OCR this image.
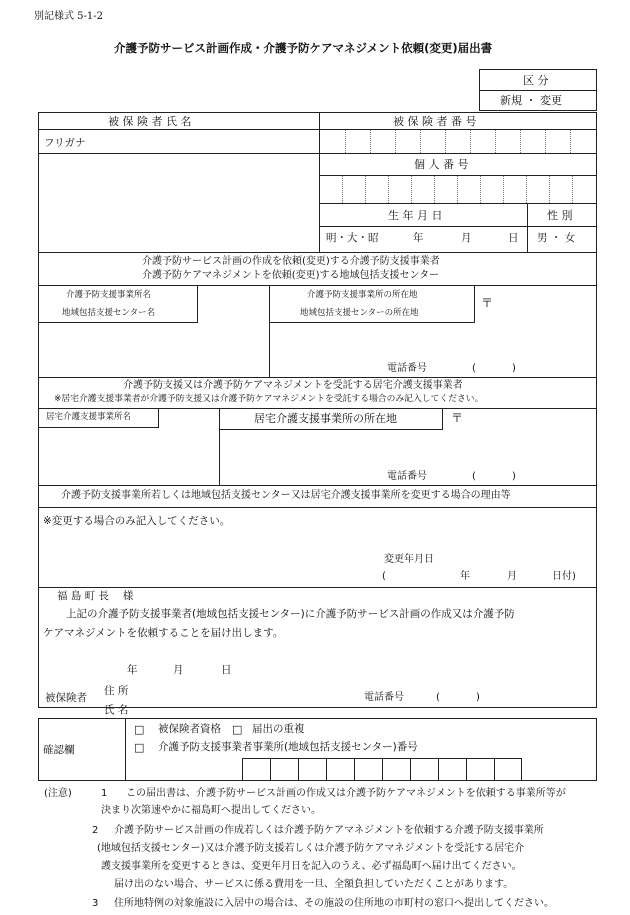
別記様式 5-1-2
介護予防サービス計画作成・介護予防ケアマネジメント依頼(変更)届出書
区 分
新規 ・ 変更
被 保 険 者 氏 名	被 保 険 者 番 号
フリガナ
個 人 番 号
生 年 月 日	性 別
明・大・昭	年	月	日 男 ・ 女
介護予防サービス計画の作成を依頼(変更)する介護予防支援事業者
介護予防ケアマネジメントを依頼(変更)する地域包括支援センター
介護予防支援事業所名
地域包括支援センター名
介護予防支援事業所の所在地
地域包括支援センターの所在地
〒
電話番号	(	)
介護予防支援又は介護予防ケアマネジメントを受託する居宅介護支援事業者
※居宅介護支援事業者が介護予防支援又は介護予防ケアマネジメントを受託する場合のみ記入してください。
居宅介護支援事業所名	居宅介護支援事業所の所在地	〒
電話番号	(	)
介護予防支援事業所若しくは地域包括支援センター又は居宅介護支援事業所を変更する場合の理由等
※変更する場合のみ記入してください。
変更年月日
(	年	月	日付)
福 島 町 長　 様
上記の介護予防支援事業者(地域包括支援センター)に介護予防サービス計画の作成又は介護予防
ケアマネジメントを依頼することを届け出します。
年	月	日
被保険者
住 所
氏 名
電話番号	(	)
確認欄
□ 被保険者資格 □ 届出の重複
□ 介護予防支援事業者事業所(地域包括支援センター)番号
(注意)	1 この届出書は、介護予防サービス計画の作成又は介護予防ケアマネジメントを依頼する事業所等が
決まり次第速やかに福島町へ提出してください。
2 介護予防サービス計画の作成若しくは介護予防ケアマネジメントを依頼する介護予防支援事業所
(地域包括支援センター)又は介護予防支援若しくは介護予防ケアマネジメントを受託する居宅介
護支援事業所を変更するときは、変更年月日を記入のうえ、必ず福島町へ届け出てください。
届け出のない場合、サービスに係る費用を一旦、全額負担していただくことがあります。
3 住所地特例の対象施設に入居中の場合は、その施設の住所地の市町村の窓口へ提出してください。
